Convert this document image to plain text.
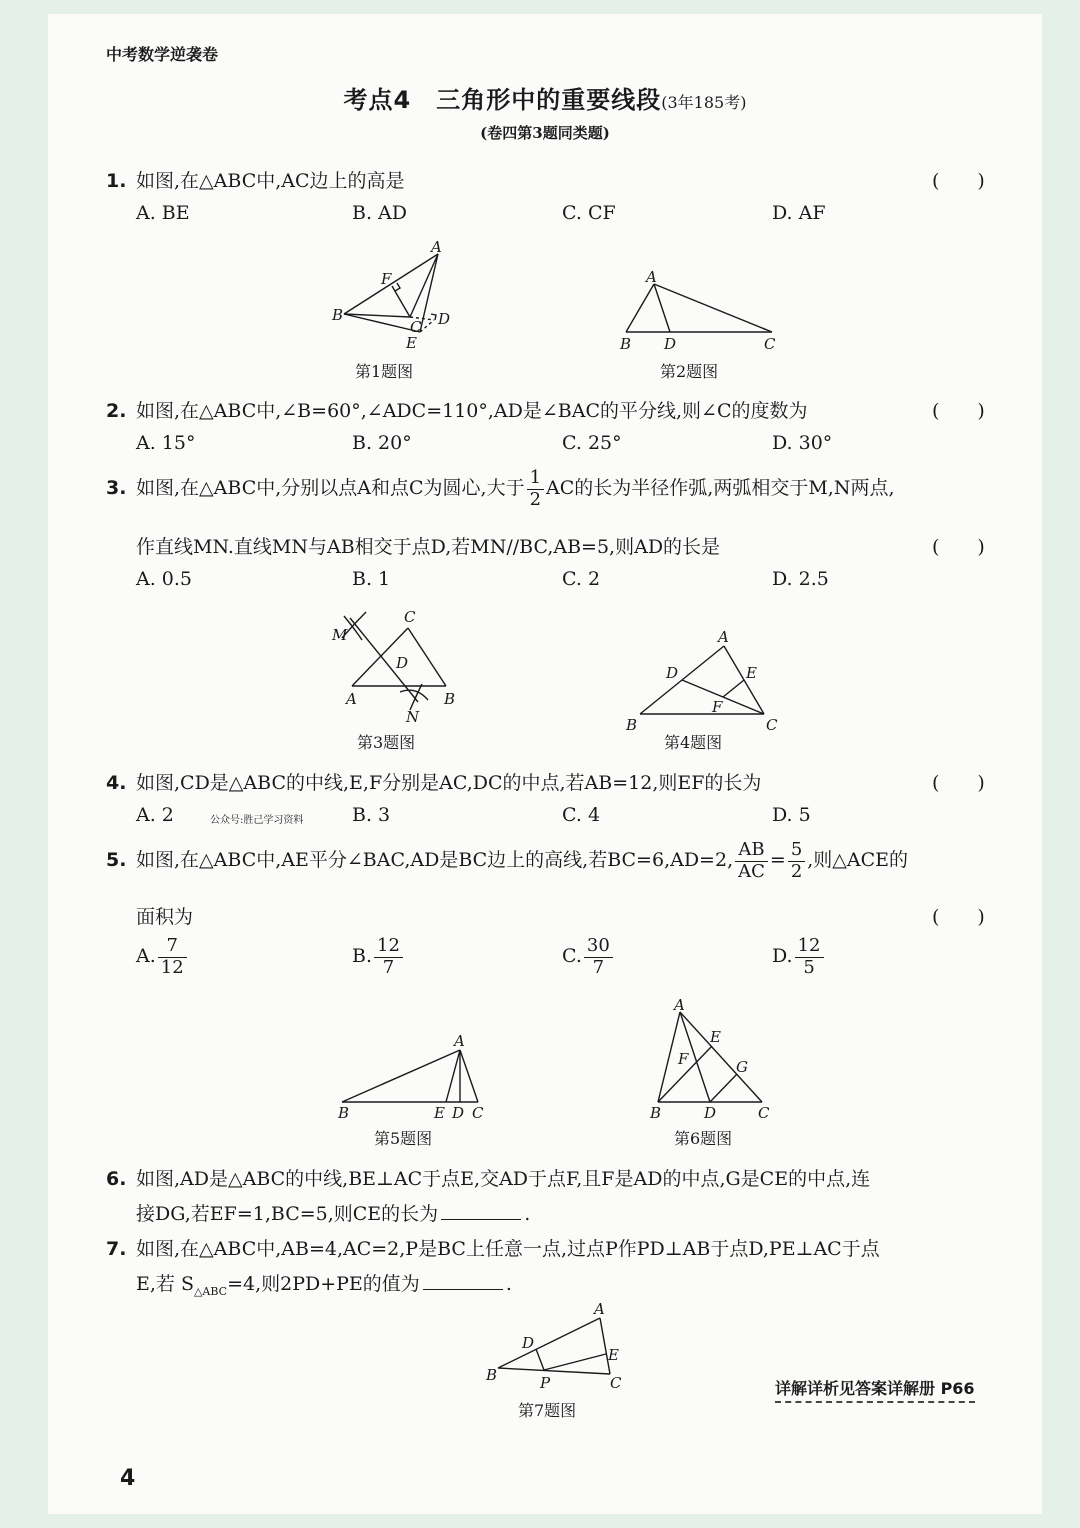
中考数学逆袭卷
考点4　三角形中的重要线段(3年185考)
(卷四第3题同类题)
1. 如图,在△ABC中,AC边上的高是	(　　)
A. BE	B. AD	C. CF	D. AF
A
F
B
C D
E
第1题图
A
B D	C
第2题图
2. 如图,在△ABC中,∠B=60°,∠ADC=110°,AD是∠BAC的平分线,则∠C的度数为	(　　)
A. 15°	B. 20°	C. 25°	D. 30°
3. 如图,在△ABC中,分别以点A和点C为圆心,大于 $\frac{1}{2}$ AC的长为半径作弧,两弧相交于M,N两点,
作直线MN.直线MN与AB相交于点D,若MN//BC,AB=5,则AD的长是	(　　)
A. 0.5	B. 1	C. 2	D. 2.5
M
C
D
A	B
N
第3题图
A
D	E
F
B	C
第4题图
4. 如图,CD是△ABC的中线,E,F分别是AC,DC的中点,若AB=12,则EF的长为	(　　)
A. 2	公众号:胜己学习资料	B. 3	C. 4	D. 5
5. 如图,在△ABC中,AE平分∠BAC,AD是BC边上的高线,若BC=6,AD=2, $\frac{AB}{AC} = \frac{5}{2}$ ,则△ACE的
面积为	(　　)
A. $\frac{7}{12}$	B. $\frac{12}{7}$	C. $\frac{30}{7}$	D. $\frac{12}{5}$
A
B	E D C
第5题图
A
E
F	G
B	D	C
第6题图
6. 如图,AD是△ABC的中线,BE⊥AC于点E,交AD于点F,且F是AD的中点,G是CE的中点,连
接DG,若EF=1,BC=5,则CE的长为	.
7. 如图,在△ABC中,AB=4,AC=2,P是BC上任意一点,过点P作PD⊥AB于点D,PE⊥AC于点
E,若 $S_{\triangle ABC}=4$,则2PD+PE的值为	.
A
D
E
B	P	C
第7题图
详解详析见答案详解册 P66
4
